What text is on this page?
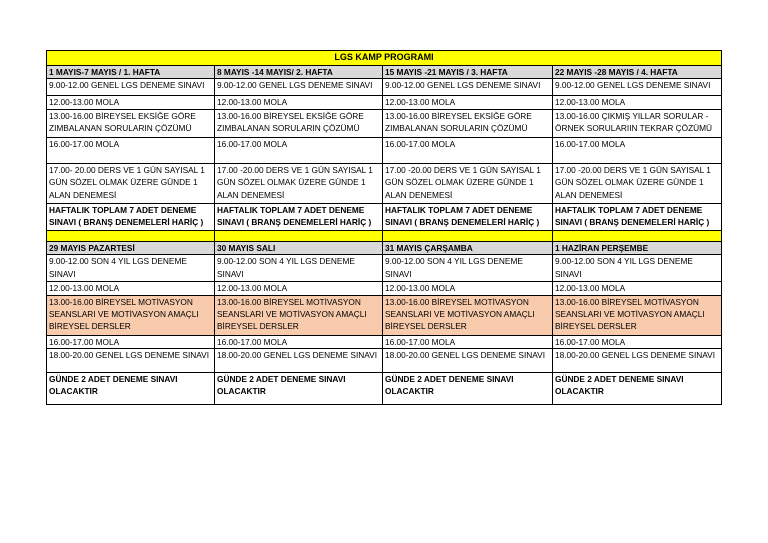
LGS KAMP PROGRAMI			
1 MAYIS-7 MAYIS / 1. HAFTA	8 MAYIS -14 MAYIS/ 2. HAFTA	15 MAYIS -21 MAYIS / 3. HAFTA	22 MAYIS -28 MAYIS / 4. HAFTA
9.00-12.00 GENEL LGS DENEME SINAVI	9.00-12.00 GENEL LGS DENEME SINAVI	9.00-12.00 GENEL LGS DENEME SINAVI	9.00-12.00 GENEL LGS DENEME SINAVI
12.00-13.00 MOLA	12.00-13.00 MOLA	12.00-13.00 MOLA	12.00-13.00 MOLA
13.00-16.00 BİREYSEL EKSİĞE GÖRE ZIMBALANAN SORULARIN ÇÖZÜMÜ	13.00-16.00 BİREYSEL EKSİĞE GÖRE ZIMBALANAN SORULARIN ÇÖZÜMÜ	13.00-16.00 BİREYSEL EKSİĞE GÖRE ZIMBALANAN SORULARIN ÇÖZÜMÜ	13.00-16.00 ÇIKMIŞ YILLAR SORULAR - ÖRNEK SORULARIIN TEKRAR ÇÖZÜMÜ
16.00-17.00 MOLA	16.00-17.00 MOLA	16.00-17.00 MOLA	16.00-17.00 MOLA
17.00- 20.00 DERS VE 1 GÜN SAYISAL 1 GÜN SÖZEL OLMAK ÜZERE GÜNDE 1 ALAN DENEMESİ	17.00 -20.00 DERS VE 1 GÜN SAYISAL 1 GÜN SÖZEL OLMAK ÜZERE GÜNDE 1 ALAN DENEMESİ	17.00 -20.00 DERS VE 1 GÜN SAYISAL 1 GÜN SÖZEL OLMAK ÜZERE GÜNDE 1 ALAN DENEMESİ	17.00 -20.00 DERS VE 1 GÜN SAYISAL 1 GÜN SÖZEL OLMAK ÜZERE GÜNDE 1 ALAN DENEMESİ
HAFTALIK TOPLAM 7 ADET DENEME SINAVI ( BRANŞ DENEMELERİ HARİÇ )	HAFTALIK TOPLAM 7 ADET DENEME SINAVI ( BRANŞ DENEMELERİ HARİÇ )	HAFTALIK TOPLAM 7 ADET DENEME SINAVI ( BRANŞ DENEMELERİ HARİÇ )	HAFTALIK TOPLAM 7 ADET DENEME SINAVI ( BRANŞ DENEMELERİ HARİÇ )

29 MAYIS PAZARTESİ	30 MAYIS SALI	31 MAYIS ÇARŞAMBA	1 HAZİRAN PERŞEMBE
9.00-12.00 SON 4 YIL LGS DENEME SINAVI	9.00-12.00 SON 4 YIL LGS DENEME SINAVI	9.00-12.00 SON 4 YIL LGS DENEME SINAVI	9.00-12.00 SON 4 YIL LGS DENEME SINAVI
12.00-13.00 MOLA	12.00-13.00 MOLA	12.00-13.00 MOLA	12.00-13.00 MOLA
13.00-16.00 BİREYSEL MOTİVASYON SEANSLARI VE MOTİVASYON AMAÇLI BİREYSEL DERSLER	13.00-16.00 BİREYSEL MOTİVASYON SEANSLARI VE MOTİVASYON AMAÇLI BİREYSEL DERSLER	13.00-16.00 BİREYSEL MOTİVASYON SEANSLARI VE MOTİVASYON AMAÇLI BİREYSEL DERSLER	13.00-16.00 BİREYSEL MOTİVASYON SEANSLARI VE MOTİVASYON AMAÇLI BİREYSEL DERSLER
16.00-17.00 MOLA	16.00-17.00 MOLA	16.00-17.00 MOLA	16.00-17.00 MOLA
18.00-20.00 GENEL LGS DENEME SINAVI	18.00-20.00 GENEL LGS DENEME SINAVI	18.00-20.00 GENEL LGS DENEME SINAVI	18.00-20.00 GENEL LGS DENEME SINAVI
GÜNDE 2 ADET DENEME SINAVI OLACAKTIR	GÜNDE 2 ADET DENEME SINAVI OLACAKTIR	GÜNDE 2 ADET DENEME SINAVI OLACAKTIR	GÜNDE 2 ADET DENEME SINAVI OLACAKTIR
